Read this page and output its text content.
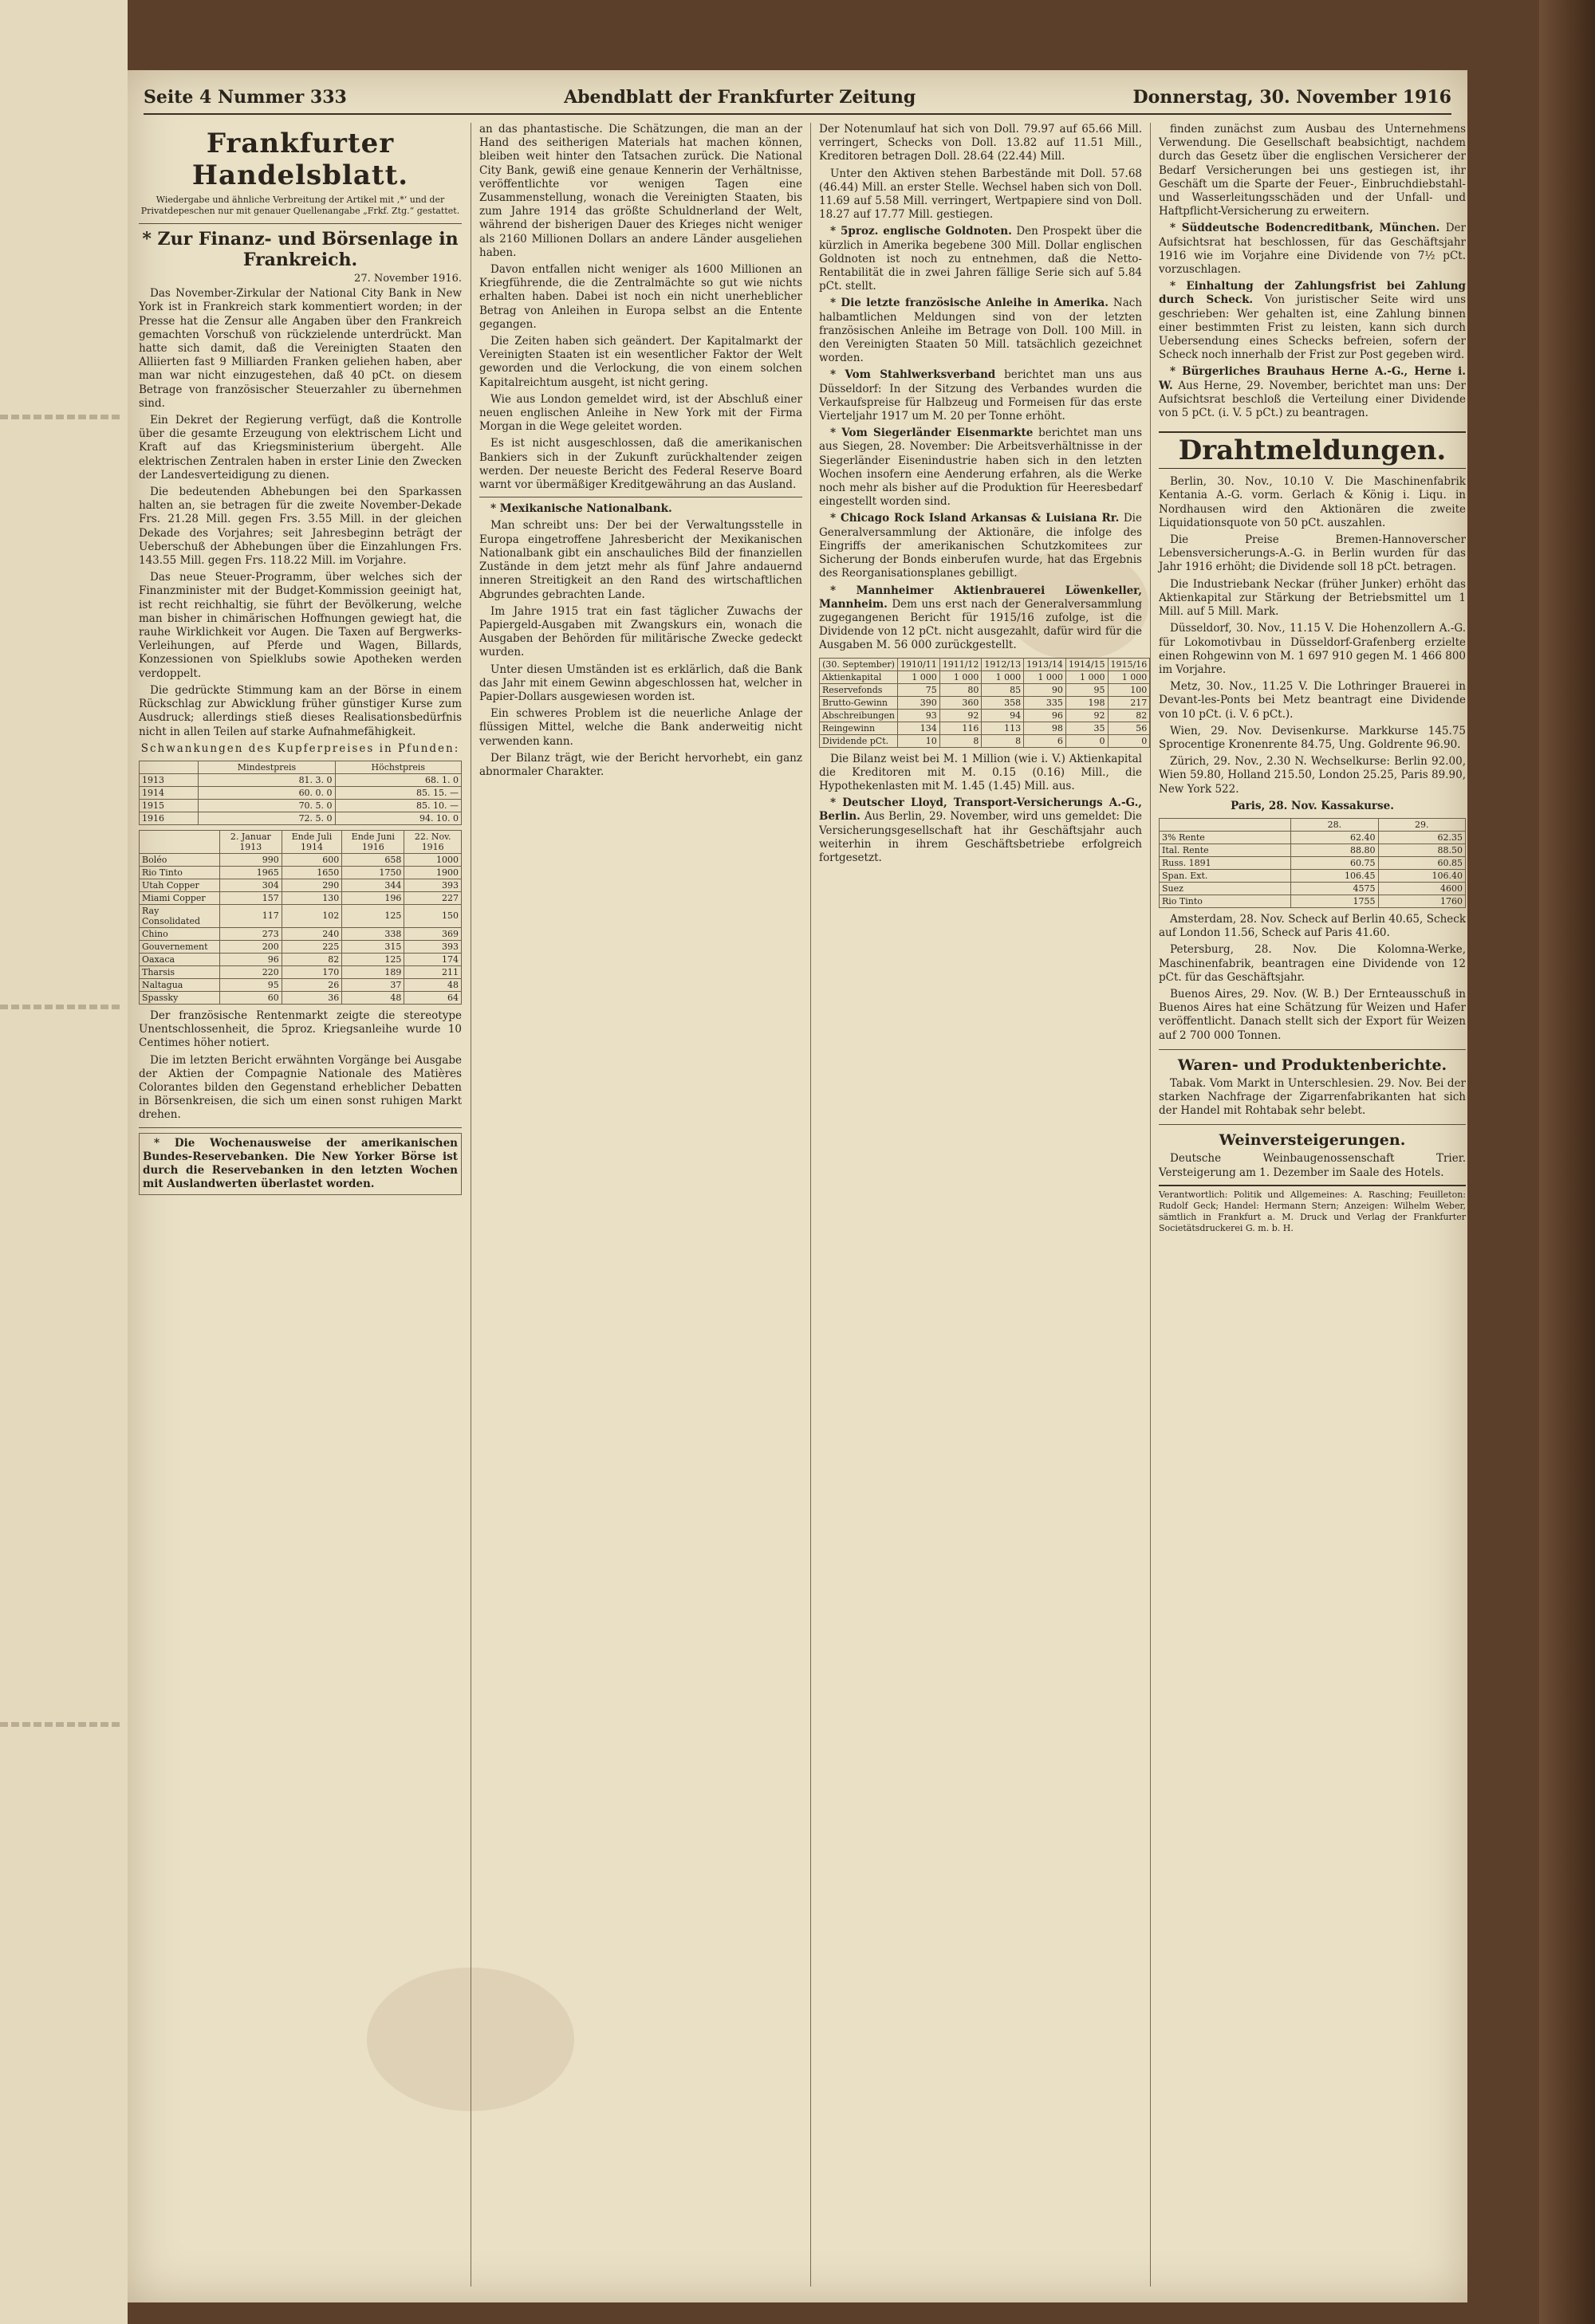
Seite 4 Nummer 333	Abendblatt der Frankfurter Zeitung	Donnerstag, 30. November 1916
Frankfurter Handelsblatt.
Wiedergabe und ähnliche Verbreitung der Artikel mit ‚*‘ und der Privatdepeschen nur mit genauer Quellenangabe „Frkf. Ztg.“ gestattet.
* Zur Finanz- und Börsenlage in Frankreich.
27. November 1916.

Das November-Zirkular der National City Bank in New York ist in Frankreich stark kommentiert worden; in der Presse hat die Zensur alle Angaben über den Frankreich gemachten Vorschuß von rückzielende unterdrückt. Man hatte sich damit, daß die Vereinigten Staaten den Alliierten fast 9 Milliarden Franken geliehen haben, aber man war nicht einzugestehen, daß 40 pCt. on diesem Betrage von französischer Steuerzahler zu übernehmen sind.

Ein Dekret der Regierung verfügt, daß die Kontrolle über die gesamte Erzeugung von elektrischem Licht und Kraft auf das Kriegsministerium übergeht. Alle elektrischen Zentralen haben in erster Linie den Zwecken der Landesverteidigung zu dienen.

Die bedeutenden Abhebungen bei den Sparkassen halten an, sie betragen für die zweite November-Dekade Frs. 21.28 Mill. gegen Frs. 3.55 Mill. in der gleichen Dekade des Vorjahres; seit Jahresbeginn beträgt der Ueberschuß der Abhebungen über die Einzahlungen Frs. 143.55 Mill. gegen Frs. 118.22 Mill. im Vorjahre.

Das neue Steuer-Programm, über welches sich der Finanzminister mit der Budget-Kommission geeinigt hat, ist recht reichhaltig, sie führt der Bevölkerung, welche man bisher in chimärischen Hoffnungen gewiegt hat, die rauhe Wirklichkeit vor Augen. Die Taxen auf Bergwerks-Verleihungen, auf Pferde und Wagen, Billards, Konzessionen von Spielklubs sowie Apotheken werden verdoppelt.

Die gedrückte Stimmung kam an der Börse in einem Rückschlag zur Abwicklung früher günstiger Kurse zum Ausdruck; allerdings stieß dieses Realisationsbedürfnis nicht in allen Teilen auf starke Aufnahmefähigkeit.

Schwankungen des Kupferpreises in Pfunden:
	Mindestpreis	Höchstpreis
1913	81. 3. 0	68. 1. 0
1914	60. 0. 0	85. 15. —
1915	70. 5. 0	85. 10. —
1916	72. 5. 0	94. 10. 0
	2. Januar 1913	Ende Juli 1914	Ende Juni 1916	22. Nov. 1916
Boléo	990	600	658	1000
Rio Tinto	1965	1650	1750	1900
Utah Copper	304	290	344	393
Miami Copper	157	130	196	227
Ray Consolidated	117	102	125	150
Chino	273	240	338	369
Gouvernement	200	225	315	393
Oaxaca	96	82	125	174
Tharsis	220	170	189	211
Naltagua	95	26	37	48
Spassky	60	36	48	64

Der französische Rentenmarkt zeigte die stereotype Unentschlossenheit, die 5proz. Kriegsanleihe wurde 10 Centimes höher notiert.

Die im letzten Bericht erwähnten Vorgänge bei Ausgabe der Aktien der Compagnie Nationale des Matières Colorantes bilden den Gegenstand erheblicher Debatten in Börsenkreisen, die sich um einen sonst ruhigen Markt drehen.

* Die Wochenausweise der amerikanischen Bundes-Reservebanken. Die New Yorker Börse ist durch die Reservebanken in den letzten Wochen mit Auslandwerten überlastet worden.

an das phantastische. Die Schätzungen, die man an der Hand des seitherigen Materials hat machen können, bleiben weit hinter den Tatsachen zurück. Die National City Bank, gewiß eine genaue Kennerin der Verhältnisse, veröffentlichte vor wenigen Tagen eine Zusammenstellung, wonach die Vereinigten Staaten, bis zum Jahre 1914 das größte Schuldnerland der Welt, während der bisherigen Dauer des Krieges nicht weniger als 2160 Millionen Dollars an andere Länder ausgeliehen haben.

Davon entfallen nicht weniger als 1600 Millionen an Kriegführende, die die Zentralmächte so gut wie nichts erhalten haben. Dabei ist noch ein nicht unerheblicher Betrag von Anleihen in Europa selbst an die Entente gegangen.

Die Zeiten haben sich geändert. Der Kapitalmarkt der Vereinigten Staaten ist ein wesentlicher Faktor der Welt geworden und die Verlockung, die von einem solchen Kapitalreichtum ausgeht, ist nicht gering.

Wie aus London gemeldet wird, ist der Abschluß einer neuen englischen Anleihe in New York mit der Firma Morgan in die Wege geleitet worden.

Es ist nicht ausgeschlossen, daß die amerikanischen Bankiers sich in der Zukunft zurückhaltender zeigen werden. Der neueste Bericht des Federal Reserve Board warnt vor übermäßiger Kreditgewährung an das Ausland.

* Mexikanische Nationalbank.

Man schreibt uns: Der bei der Verwaltungsstelle in Europa eingetroffene Jahresbericht der Mexikanischen Nationalbank gibt ein anschauliches Bild der finanziellen Zustände in dem jetzt mehr als fünf Jahre andauernd inneren Streitigkeit an den Rand des wirtschaftlichen Abgrundes gebrachten Lande.

Im Jahre 1915 trat ein fast täglicher Zuwachs der Papiergeld-Ausgaben mit Zwangskurs ein, wonach die Ausgaben der Behörden für militärische Zwecke gedeckt wurden.

Unter diesen Umständen ist es erklärlich, daß die Bank das Jahr mit einem Gewinn abgeschlossen hat, welcher in Papier-Dollars ausgewiesen worden ist.

Ein schweres Problem ist die neuerliche Anlage der flüssigen Mittel, welche die Bank anderweitig nicht verwenden kann.

Der Bilanz trägt, wie der Bericht hervorhebt, ein ganz abnormaler Charakter.

Der Notenumlauf hat sich von Doll. 79.97 auf 65.66 Mill. verringert, Schecks von Doll. 13.82 auf 11.51 Mill., Kreditoren betragen Doll. 28.64 (22.44) Mill.

Unter den Aktiven stehen Barbestände mit Doll. 57.68 (46.44) Mill. an erster Stelle. Wechsel haben sich von Doll. 11.69 auf 5.58 Mill. verringert, Wertpapiere sind von Doll. 18.27 auf 17.77 Mill. gestiegen.

* 5proz. englische Goldnoten. Den Prospekt über die kürzlich in Amerika begebene 300 Mill. Dollar englischen Goldnoten ist noch zu entnehmen, daß die Netto-Rentabilität die in zwei Jahren fällige Serie sich auf 5.84 pCt. stellt.

* Die letzte französische Anleihe in Amerika. Nach halbamtlichen Meldungen sind von der letzten französischen Anleihe im Betrage von Doll. 100 Mill. in den Vereinigten Staaten 50 Mill. tatsächlich gezeichnet worden.

* Vom Stahlwerksverband berichtet man uns aus Düsseldorf: In der Sitzung des Verbandes wurden die Verkaufspreise für Halbzeug und Formeisen für das erste Vierteljahr 1917 um M. 20 per Tonne erhöht.

* Vom Siegerländer Eisenmarkte berichtet man uns aus Siegen, 28. November: Die Arbeitsverhältnisse in der Siegerländer Eisenindustrie haben sich in den letzten Wochen insofern eine Aenderung erfahren, als die Werke noch mehr als bisher auf die Produktion für Heeresbedarf eingestellt worden sind.

* Chicago Rock Island Arkansas & Luisiana Rr. Die Generalversammlung der Aktionäre, die infolge des Eingriffs der amerikanischen Schutzkomitees zur Sicherung der Bonds einberufen wurde, hat das Ergebnis des Reorganisationsplanes gebilligt.

* Mannheimer Aktienbrauerei Löwenkeller, Mannheim. Dem uns erst nach der Generalversammlung zugegangenen Bericht für 1915/16 zufolge, ist die Dividende von 12 pCt. nicht ausgezahlt, dafür wird für die Ausgaben M. 56 000 zurückgestellt.

(30. September)	1910/11	1911/12	1912/13	1913/14	1914/15	1915/16
Aktienkapital	1 000	1 000	1 000	1 000	1 000	1 000
Reservefonds	75	80	85	90	95	100
Brutto-Gewinn	390	360	358	335	198	217
Abschreibungen	93	92	94	96	92	82
Reingewinn	134	116	113	98	35	56
Dividende pCt.	10	8	8	6	0	0

Die Bilanz weist bei M. 1 Million (wie i. V.) Aktienkapital die Kreditoren mit M. 0.15 (0.16) Mill., die Hypothekenlasten mit M. 1.45 (1.45) Mill. aus.

* Deutscher Lloyd, Transport-Versicherungs A.-G., Berlin. Aus Berlin, 29. November, wird uns gemeldet: Die Versicherungsgesellschaft hat ihr Geschäftsjahr auch weiterhin in ihrem Geschäftsbetriebe erfolgreich fortgesetzt.

finden zunächst zum Ausbau des Unternehmens Verwendung. Die Gesellschaft beabsichtigt, nachdem durch das Gesetz über die englischen Versicherer der Bedarf Versicherungen bei uns gestiegen ist, ihr Geschäft um die Sparte der Feuer-, Einbruchdiebstahl- und Wasserleitungsschäden und der Unfall- und Haftpflicht-Versicherung zu erweitern.

* Süddeutsche Bodencreditbank, München. Der Aufsichtsrat hat beschlossen, für das Geschäftsjahr 1916 wie im Vorjahre eine Dividende von 7½ pCt. vorzuschlagen.

* Einhaltung der Zahlungsfrist bei Zahlung durch Scheck. Von juristischer Seite wird uns geschrieben: Wer gehalten ist, eine Zahlung binnen einer bestimmten Frist zu leisten, kann sich durch Uebersendung eines Schecks befreien, sofern der Scheck noch innerhalb der Frist zur Post gegeben wird.

* Bürgerliches Brauhaus Herne A.-G., Herne i. W. Aus Herne, 29. November, berichtet man uns: Der Aufsichtsrat beschloß die Verteilung einer Dividende von 5 pCt. (i. V. 5 pCt.) zu beantragen.

Drahtmeldungen.

Berlin, 30. Nov., 10.10 V. Die Maschinenfabrik Kentania A.-G. vorm. Gerlach & König i. Liqu. in Nordhausen wird den Aktionären die zweite Liquidationsquote von 50 pCt. auszahlen.

Die Preise Bremen-Hannoverscher Lebensversicherungs-A.-G. in Berlin wurden für das Jahr 1916 erhöht; die Dividende soll 18 pCt. betragen.

Die Industriebank Neckar (früher Junker) erhöht das Aktienkapital zur Stärkung der Betriebsmittel um 1 Mill. auf 5 Mill. Mark.

Düsseldorf, 30. Nov., 11.15 V. Die Hohenzollern A.-G. für Lokomotivbau in Düsseldorf-Grafenberg erzielte einen Rohgewinn von M. 1 697 910 gegen M. 1 466 800 im Vorjahre.

Metz, 30. Nov., 11.25 V. Die Lothringer Brauerei in Devant-les-Ponts bei Metz beantragt eine Dividende von 10 pCt. (i. V. 6 pCt.).

Wien, 29. Nov. Devisenkurse. Markkurse 145.75 Sprocentige Kronenrente 84.75, Ung. Goldrente 96.90.

Zürich, 29. Nov., 2.30 N. Wechselkurse: Berlin 92.00, Wien 59.80, Holland 215.50, London 25.25, Paris 89.90, New York 522.

Paris, 28. Nov. Kassakurse.
	28.	29.
3% Rente	62.40	62.35
Ital. Rente	88.80	88.50
Russ. 1891	60.75	60.85
Span. Ext.	106.45	106.40
Suez	4575	4600
Rio Tinto	1755	1760

Amsterdam, 28. Nov. Scheck auf Berlin 40.65, Scheck auf London 11.56, Scheck auf Paris 41.60.

Petersburg, 28. Nov. Die Kolomna-Werke, Maschinenfabrik, beantragen eine Dividende von 12 pCt. für das Geschäftsjahr.

Buenos Aires, 29. Nov. (W. B.) Der Ernteausschuß in Buenos Aires hat eine Schätzung für Weizen und Hafer veröffentlicht. Danach stellt sich der Export für Weizen auf 2 700 000 Tonnen.

Waren- und Produktenberichte.

Tabak. Vom Markt in Unterschlesien. 29. Nov. Bei der starken Nachfrage der Zigarrenfabrikanten hat sich der Handel mit Rohtabak sehr belebt.

Weinversteigerungen.

Deutsche Weinbaugenossenschaft Trier. Versteigerung am 1. Dezember im Saale des Hotels.

Verantwortlich: Politik und Allgemeines: A. Rasching; Feuilleton: Rudolf Geck; Handel: Hermann Stern; Anzeigen: Wilhelm Weber, sämtlich in Frankfurt a. M. Druck und Verlag der Frankfurter Societätsdruckerei G. m. b. H.
